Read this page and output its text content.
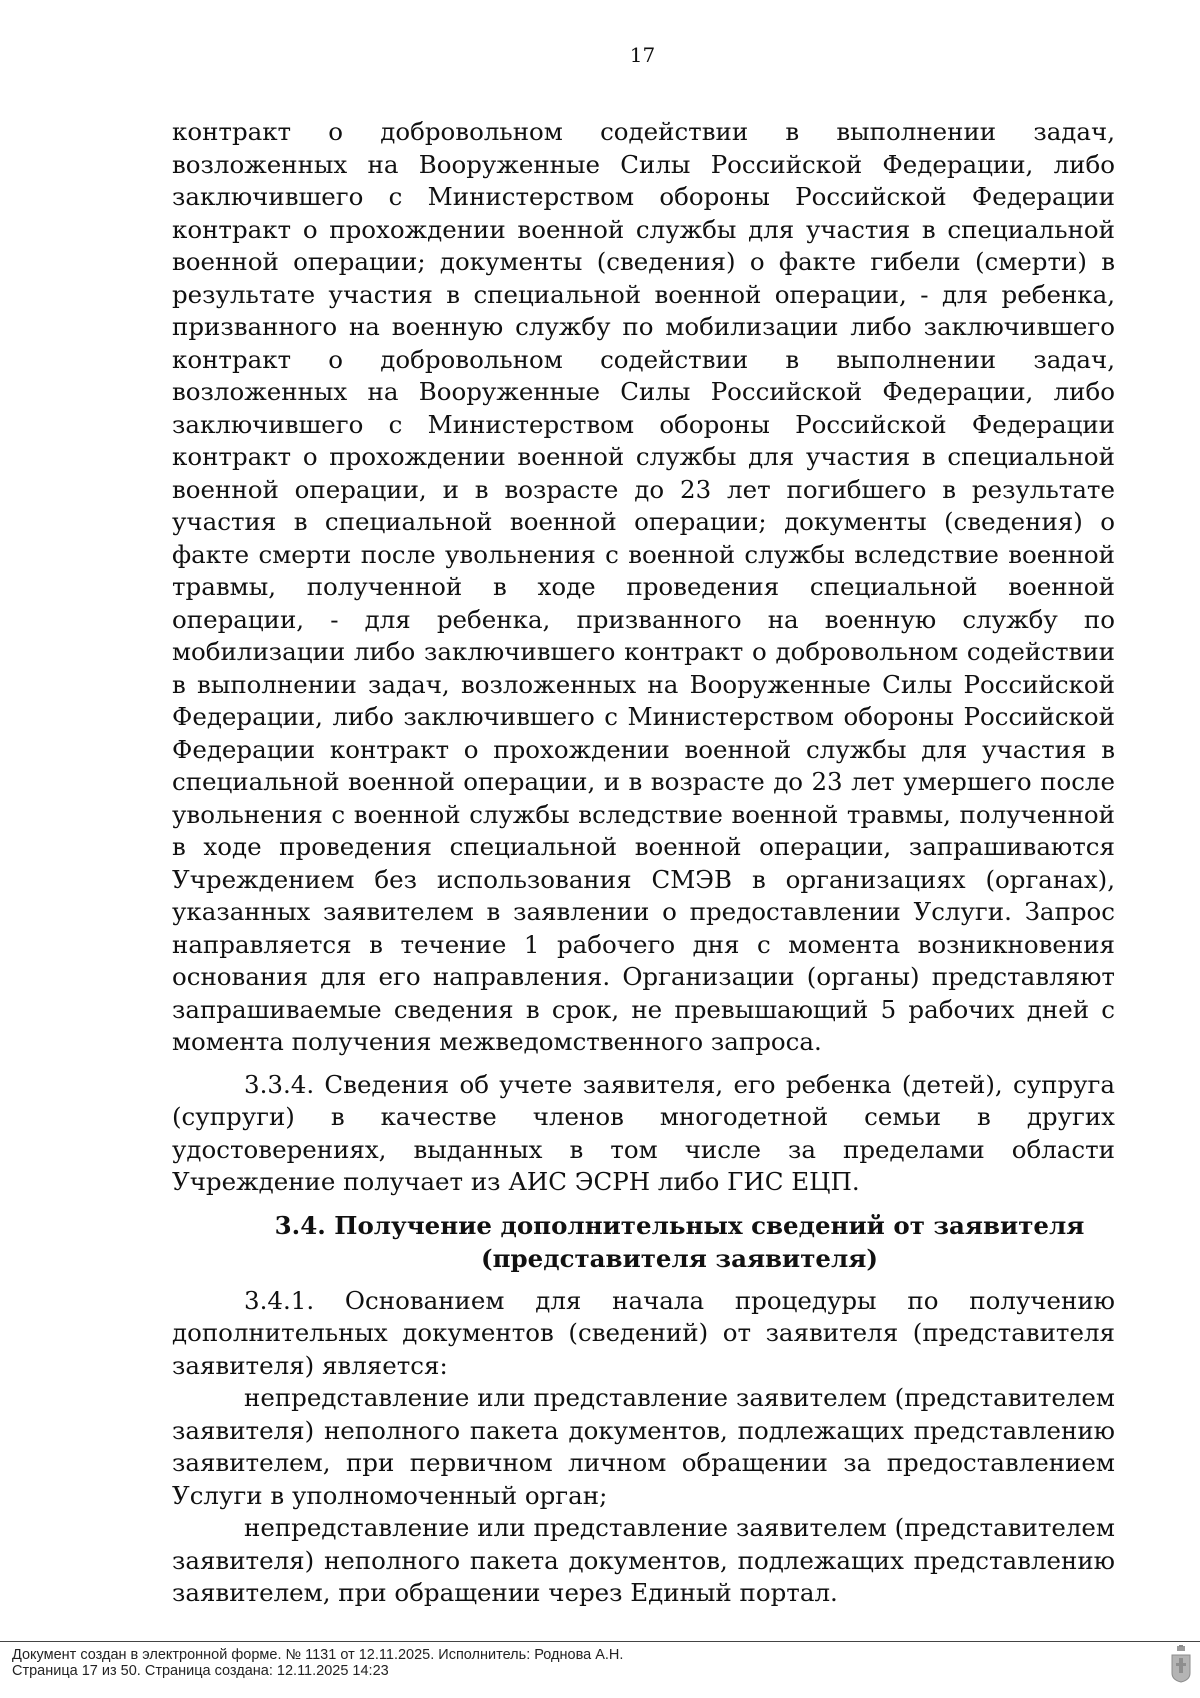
17

контракт о добровольном содействии в выполнении задач, возложенных на Вооруженные Силы Российской Федерации, либо заключившего с Министерством обороны Российской Федерации контракт о прохождении военной службы для участия в специальной военной операции; документы (сведения) о факте гибели (смерти) в результате участия в специальной военной операции, - для ребенка, призванного на военную службу по мобилизации либо заключившего контракт о добровольном содействии в выполнении задач, возложенных на Вооруженные Силы Российской Федерации, либо заключившего с Министерством обороны Российской Федерации контракт о прохождении военной службы для участия в специальной военной операции, и в возрасте до 23 лет погибшего в результате участия в специальной военной операции; документы (сведения) о факте смерти после увольнения с военной службы вследствие военной травмы, полученной в ходе проведения специальной военной операции, - для ребенка, призванного на военную службу по мобилизации либо заключившего контракт о добровольном содействии в выполнении задач, возложенных на Вооруженные Силы Российской Федерации, либо заключившего с Министерством обороны Российской Федерации контракт о прохождении военной службы для участия в специальной военной операции, и в возрасте до 23 лет умершего после увольнения с военной службы вследствие военной травмы, полученной в ходе проведения специальной военной операции, запрашиваются Учреждением без использования СМЭВ в организациях (органах), указанных заявителем в заявлении о предоставлении Услуги. Запрос направляется в течение 1 рабочего дня с момента возникновения основания для его направления. Организации (органы) представляют запрашиваемые сведения в срок, не превышающий 5 рабочих дней с момента получения межведомственного запроса.

3.3.4. Сведения об учете заявителя, его ребенка (детей), супруга (супруги) в качестве членов многодетной семьи в других удостоверениях, выданных в том числе за пределами области Учреждение получает из АИС ЭСРН либо ГИС ЕЦП.

3.4. Получение дополнительных сведений от заявителя
(представителя заявителя)

3.4.1. Основанием для начала процедуры по получению дополнительных документов (сведений) от заявителя (представителя заявителя) является:

непредставление или представление заявителем (представителем заявителя) неполного пакета документов, подлежащих представлению заявителем, при первичном личном обращении за предоставлением Услуги в уполномоченный орган;

непредставление или представление заявителем (представителем заявителя) неполного пакета документов, подлежащих представлению заявителем, при обращении через Единый портал.

Документ создан в электронной форме. № 1131 от 12.11.2025. Исполнитель: Роднова А.Н.
Страница 17 из 50. Страница создана: 12.11.2025 14:23
